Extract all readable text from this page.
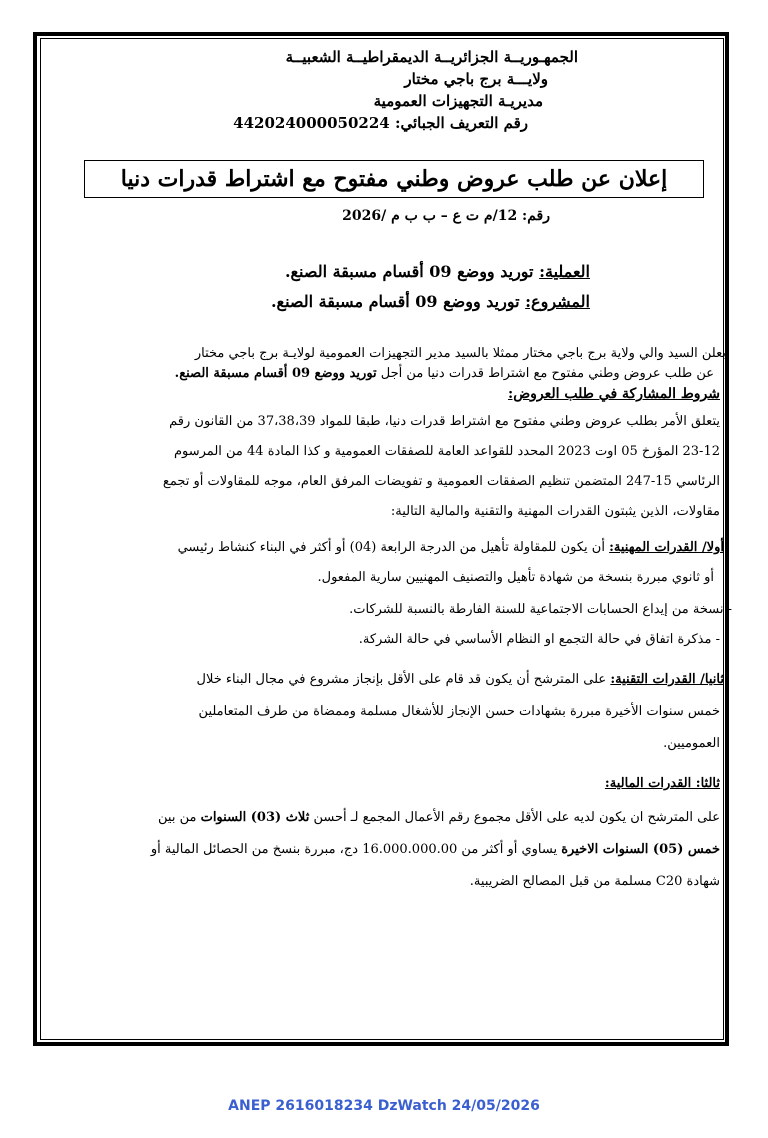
الجمهـوريــة الجزائريــة الديمقراطيــة الشعبيــة
ولايـــة برج باجي مختار
مديريـة التجهيزات العمومية
رقم التعريف الجبائي: 442024000050224
إعلان عن طلب عروض وطني مفتوح مع اشتراط قدرات دنيا
رقم: 12/م ت ع – ب ب م /2026
العملية: توريد ووضع 09 أقسام مسبقة الصنع.
المشروع: توريد ووضع 09 أقسام مسبقة الصنع.
يعلن السيد والي ولاية برج باجي مختار ممثلا بالسيد مدير التجهيزات العمومية لولايـة برج باجي مختار
عن طلب عروض وطني مفتوح مع اشتراط قدرات دنيا من أجل توريد ووضع 09 أقسام مسبقة الصنع.
شروط المشاركة في طلب العروض:
يتعلق الأمر بطلب عروض وطني مفتوح مع اشتراط قدرات دنيا، طبقا للمواد 37،38،39 من القانون رقم
23-12 المؤرخ 05 اوت 2023 المحدد للقواعد العامة للصفقات العمومية و كذا المادة 44 من المرسوم
الرئاسي 15-247 المتضمن تنظيم الصفقات العمومية و تفويضات المرفق العام، موجه للمقاولات أو تجمع
مقاولات، الذين يثبتون القدرات المهنية والتقنية والمالية التالية:
أولا/ القدرات المهنية: أن يكون للمقاولة تأهيل من الدرجة الرابعة (04) أو أكثر في البناء كنشاط رئيسي
أو ثانوي مبررة بنسخة من شهادة تأهيل والتصنيف المهنيين سارية المفعول.
- نسخة من إيداع الحسابات الاجتماعية للسنة الفارطة بالنسبة للشركات.
- مذكرة اتفاق في حالة التجمع او النظام الأساسي في حالة الشركة.
ثانيا/ القدرات التقنية: على المترشح أن يكون قد قام على الأقل بإنجاز مشروع في مجال البناء خلال
خمس سنوات الأخيرة مبررة بشهادات حسن الإنجاز للأشغال مسلمة وممضاة من طرف المتعاملين
العموميين.
ثالثا: القدرات المالية:
على المترشح ان يكون لديه على الأقل مجموع رقم الأعمال المجمع لـ أحسن ثلاث (03) السنوات من بين
خمس (05) السنوات الاخيرة يساوي أو أكثر من 16.000.000.00 دج، مبررة بنسخ من الحصائل المالية أو
شهادة C20 مسلمة من قبل المصالح الضريبية.
ANEP 2616018234 DzWatch 24/05/2026
